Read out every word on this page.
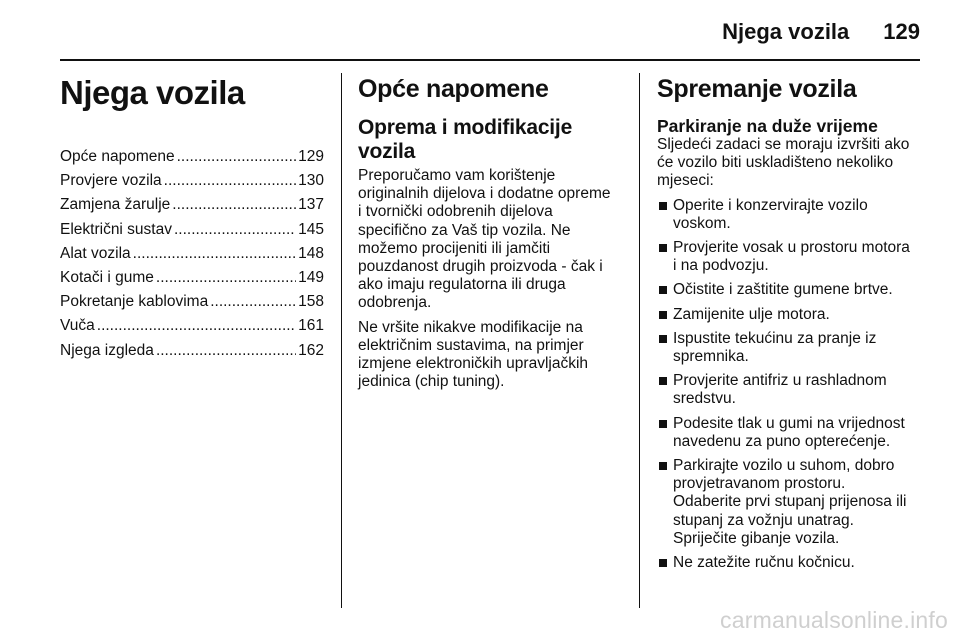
Njega vozila 129
Njega vozila
Opće napomene .....	129
Provjere vozila .....	130
Zamjena žarulje .....	137
Električni sustav .....	145
Alat vozila .....	148
Kotači i gume .....	149
Pokretanje kablovima .....	158
Vuča .....	161
Njega izgleda .....	162
Opće napomene
Oprema i modifikacije
vozila

Preporučamo vam korištenje
originalnih dijelova i dodatne opreme
i tvornički odobrenih dijelova
specifično za Vaš tip vozila. Ne
možemo procijeniti ili jamčiti
pouzdanost drugih proizvoda - čak i
ako imaju regulatorna ili druga
odobrenja.

Ne vršite nikakve modifikacije na
električnim sustavima, na primjer
izmjene elektroničkih upravljačkih
jedinica (chip tuning).

Spremanje vozila
Parkiranje na duže vrijeme

Sljedeći zadaci se moraju izvršiti ako
će vozilo biti uskladišteno nekoliko
mjeseci:

Operite i konzervirajte vozilo
voskom.
Provjerite vosak u prostoru motora
i na podvozju.
Očistite i zaštitite gumene brtve.
Zamijenite ulje motora.
Ispustite tekućinu za pranje iz
spremnika.
Provjerite antifriz u rashladnom
sredstvu.
Podesite tlak u gumi na vrijednost
navedenu za puno opterećenje.
Parkirajte vozilo u suhom, dobro
provjetravanom prostoru.
Odaberite prvi stupanj prijenosa ili
stupanj za vožnju unatrag.
Spriječite gibanje vozila.
Ne zatežite ručnu kočnicu.
carmanualsonline.info
